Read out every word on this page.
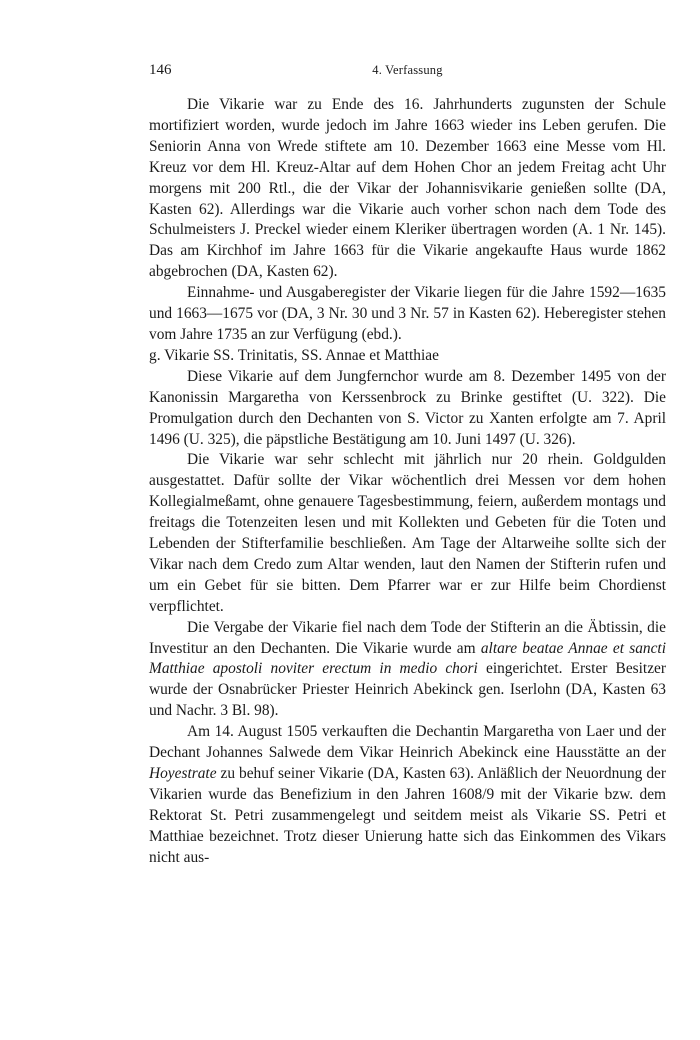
146	4. Verfassung

Die Vikarie war zu Ende des 16. Jahrhunderts zugunsten der Schule mortifiziert worden, wurde jedoch im Jahre 1663 wieder ins Leben gerufen. Die Seniorin Anna von Wrede stiftete am 10. Dezember 1663 eine Messe vom Hl. Kreuz vor dem Hl. Kreuz-Altar auf dem Hohen Chor an jedem Freitag acht Uhr morgens mit 200 Rtl., die der Vikar der Johannisvikarie genießen sollte (DA, Kasten 62). Allerdings war die Vikarie auch vorher schon nach dem Tode des Schulmeisters J. Preckel wieder einem Kleriker übertragen worden (A. 1 Nr. 145). Das am Kirchhof im Jahre 1663 für die Vikarie angekaufte Haus wurde 1862 abgebrochen (DA, Kasten 62).

Einnahme- und Ausgaberegister der Vikarie liegen für die Jahre 1592—1635 und 1663—1675 vor (DA, 3 Nr. 30 und 3 Nr. 57 in Kasten 62). Heberegister stehen vom Jahre 1735 an zur Verfügung (ebd.).

g. Vikarie SS. Trinitatis, SS. Annae et Matthiae

Diese Vikarie auf dem Jungfernchor wurde am 8. Dezember 1495 von der Kanonissin Margaretha von Kerssenbrock zu Brinke gestiftet (U. 322). Die Promulgation durch den Dechanten von S. Victor zu Xanten erfolgte am 7. April 1496 (U. 325), die päpstliche Bestätigung am 10. Juni 1497 (U. 326).

Die Vikarie war sehr schlecht mit jährlich nur 20 rhein. Goldgulden ausgestattet. Dafür sollte der Vikar wöchentlich drei Messen vor dem hohen Kollegialmeßamt, ohne genauere Tagesbestimmung, feiern, außerdem montags und freitags die Totenzeiten lesen und mit Kollekten und Gebeten für die Toten und Lebenden der Stifterfamilie beschließen. Am Tage der Altarweihe sollte sich der Vikar nach dem Credo zum Altar wenden, laut den Namen der Stifterin rufen und um ein Gebet für sie bitten. Dem Pfarrer war er zur Hilfe beim Chordienst verpflichtet.

Die Vergabe der Vikarie fiel nach dem Tode der Stifterin an die Äbtissin, die Investitur an den Dechanten. Die Vikarie wurde am altare beatae Annae et sancti Matthiae apostoli noviter erectum in medio chori eingerichtet. Erster Besitzer wurde der Osnabrücker Priester Heinrich Abekinck gen. Iserlohn (DA, Kasten 63 und Nachr. 3 Bl. 98).

Am 14. August 1505 verkauften die Dechantin Margaretha von Laer und der Dechant Johannes Salwede dem Vikar Heinrich Abekinck eine Hausstätte an der Hoyestrate zu behuf seiner Vikarie (DA, Kasten 63). Anläßlich der Neuordnung der Vikarien wurde das Benefizium in den Jahren 1608/9 mit der Vikarie bzw. dem Rektorat St. Petri zusammengelegt und seitdem meist als Vikarie SS. Petri et Matthiae bezeichnet. Trotz dieser Unierung hatte sich das Einkommen des Vikars nicht aus-
